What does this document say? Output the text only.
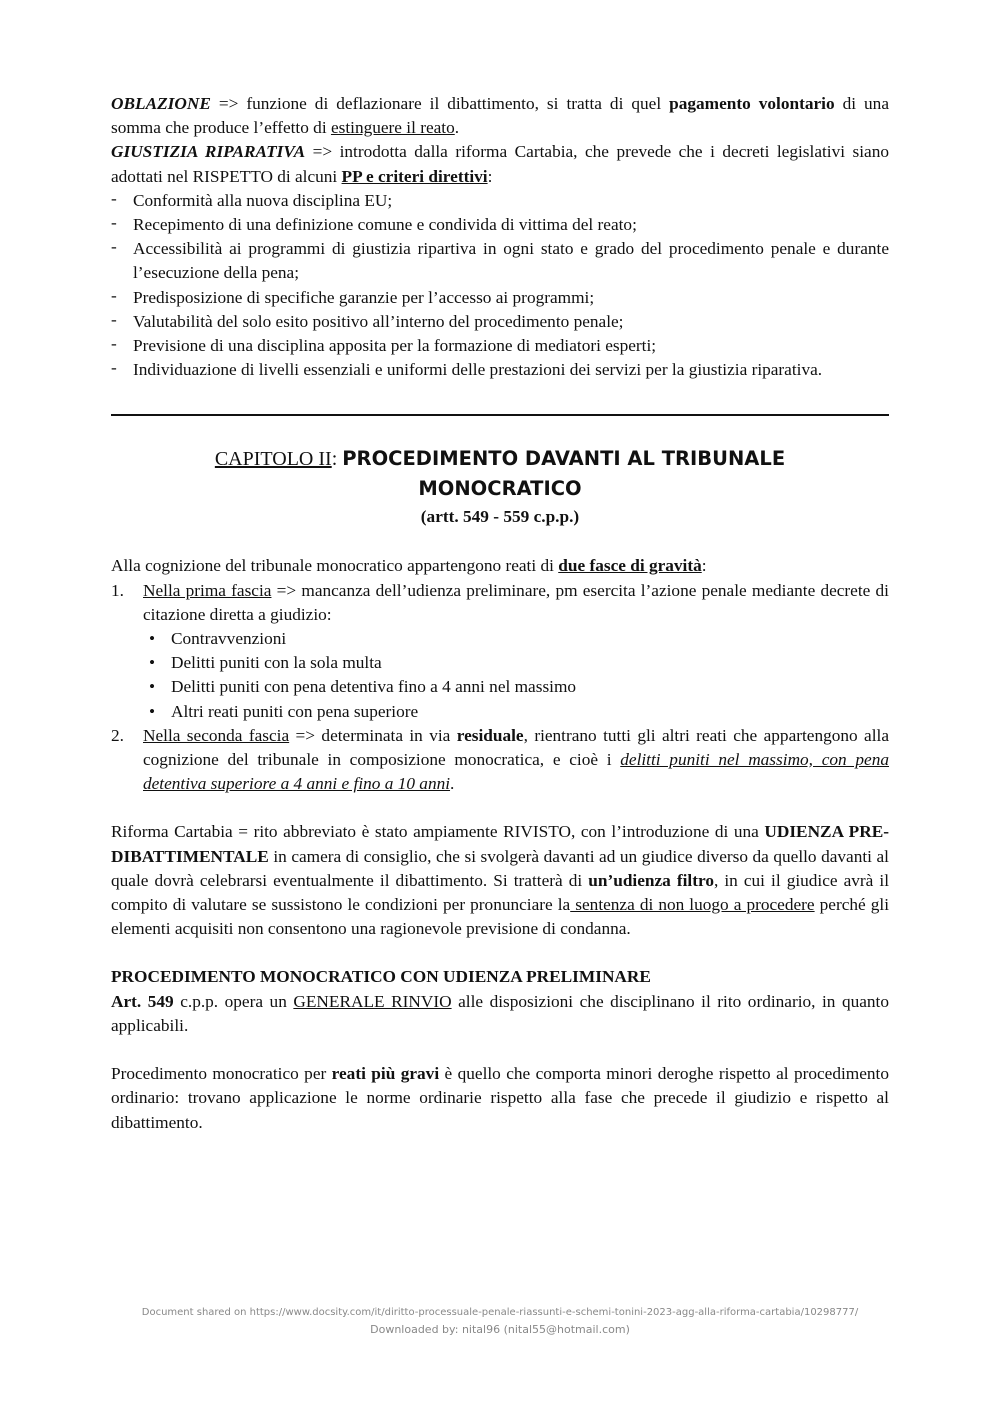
OBLAZIONE => funzione di deflazionare il dibattimento, si tratta di quel pagamento volontario di una somma che produce l’effetto di estinguere il reato.

GIUSTIZIA RIPARATIVA => introdotta dalla riforma Cartabia, che prevede che i decreti legislativi siano adottati nel RISPETTO di alcuni PP e criteri direttivi:

- Conformità alla nuova disciplina EU;
- Recepimento di una definizione comune e condivida di vittima del reato;
- Accessibilità ai programmi di giustizia ripartiva in ogni stato e grado del procedimento penale e durante l’esecuzione della pena;
- Predisposizione di specifiche garanzie per l’accesso ai programmi;
- Valutabilità del solo esito positivo all’interno del procedimento penale;
- Previsione di una disciplina apposita per la formazione di mediatori esperti;
- Individuazione di livelli essenziali e uniformi delle prestazioni dei servizi per la giustizia riparativa.
CAPITOLO II: PROCEDIMENTO DAVANTI AL TRIBUNALE
MONOCRATICO
(artt. 549 - 559 c.p.p.)

Alla cognizione del tribunale monocratico appartengono reati di due fasce di gravità:

1. Nella prima fascia => mancanza dell’udienza preliminare, pm esercita l’azione penale mediante decrete di citazione diretta a giudizio:
• Contravvenzioni
• Delitti puniti con la sola multa
• Delitti puniti con pena detentiva fino a 4 anni nel massimo
• Altri reati puniti con pena superiore
2. Nella seconda fascia => determinata in via residuale, rientrano tutti gli altri reati che appartengono alla cognizione del tribunale in composizione monocratica, e cioè i delitti puniti nel massimo, con pena detentiva superiore a 4 anni e fino a 10 anni.

Riforma Cartabia = rito abbreviato è stato ampiamente RIVISTO, con l’introduzione di una UDIENZA PRE-DIBATTIMENTALE in camera di consiglio, che si svolgerà davanti ad un giudice diverso da quello davanti al quale dovrà celebrarsi eventualmente il dibattimento. Si tratterà di un’udienza filtro, in cui il giudice avrà il compito di valutare se sussistono le condizioni per pronunciare la sentenza di non luogo a procedere perché gli elementi acquisiti non consentono una ragionevole previsione di condanna.

PROCEDIMENTO MONOCRATICO CON UDIENZA PRELIMINARE

Art. 549 c.p.p. opera un GENERALE RINVIO alle disposizioni che disciplinano il rito ordinario, in quanto applicabili.

Procedimento monocratico per reati più gravi è quello che comporta minori deroghe rispetto al procedimento ordinario: trovano applicazione le norme ordinarie rispetto alla fase che precede il giudizio e rispetto al dibattimento.

Document shared on https://www.docsity.com/it/diritto-processuale-penale-riassunti-e-schemi-tonini-2023-agg-alla-riforma-cartabia/10298777/
Downloaded by: nital96 (nital55@hotmail.com)
